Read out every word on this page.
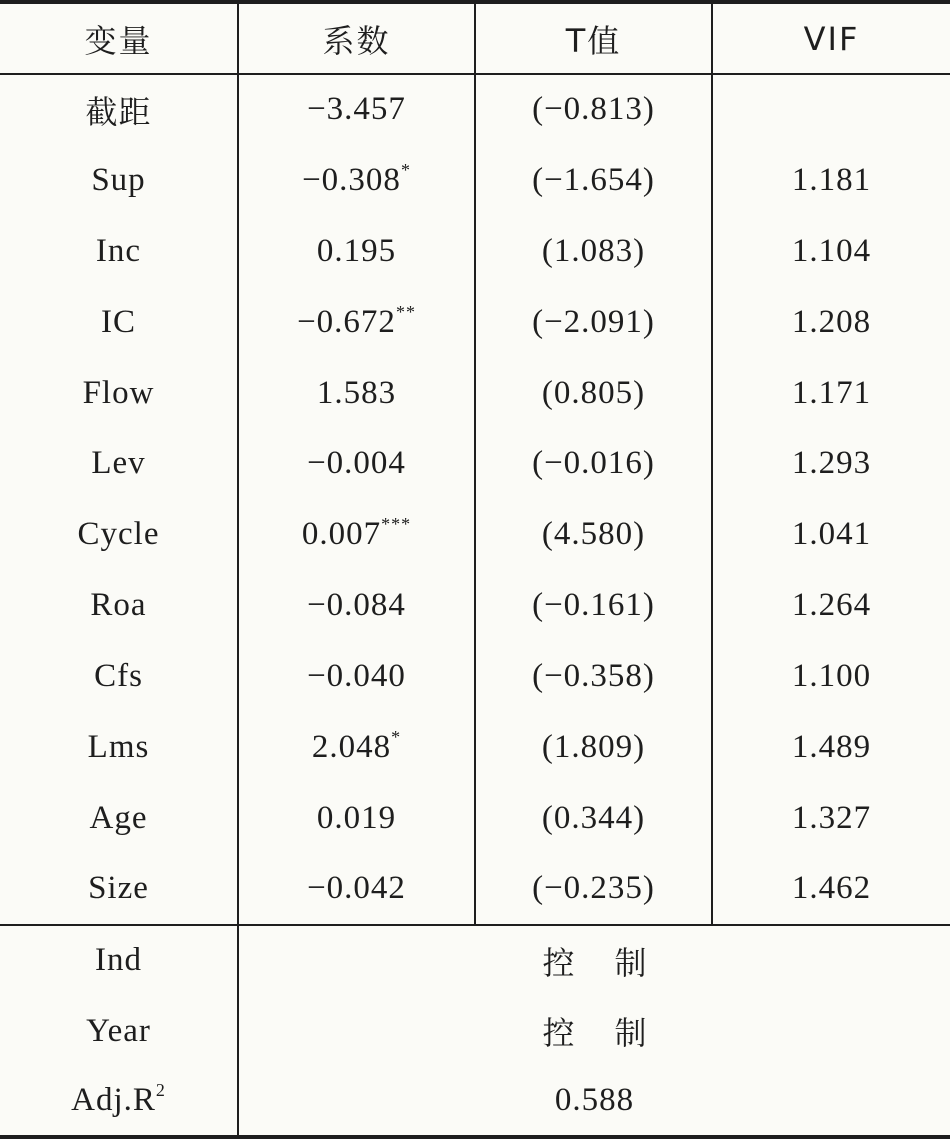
变量	系数	T值	VIF
截距	−3.457	(−0.813)	
Sup	−0.308*	(−1.654)	1.181
Inc	0.195	(1.083)	1.104
IC	−0.672**	(−2.091)	1.208
Flow	1.583	(0.805)	1.171
Lev	−0.004	(−0.016)	1.293
Cycle	0.007***	(4.580)	1.041
Roa	−0.084	(−0.161)	1.264
Cfs	−0.040	(−0.358)	1.100
Lms	2.048*	(1.809)	1.489
Age	0.019	(0.344)	1.327
Size	−0.042	(−0.235)	1.462
Ind	控制		
Year	控制		
$Adj.R^2$	0.588		
